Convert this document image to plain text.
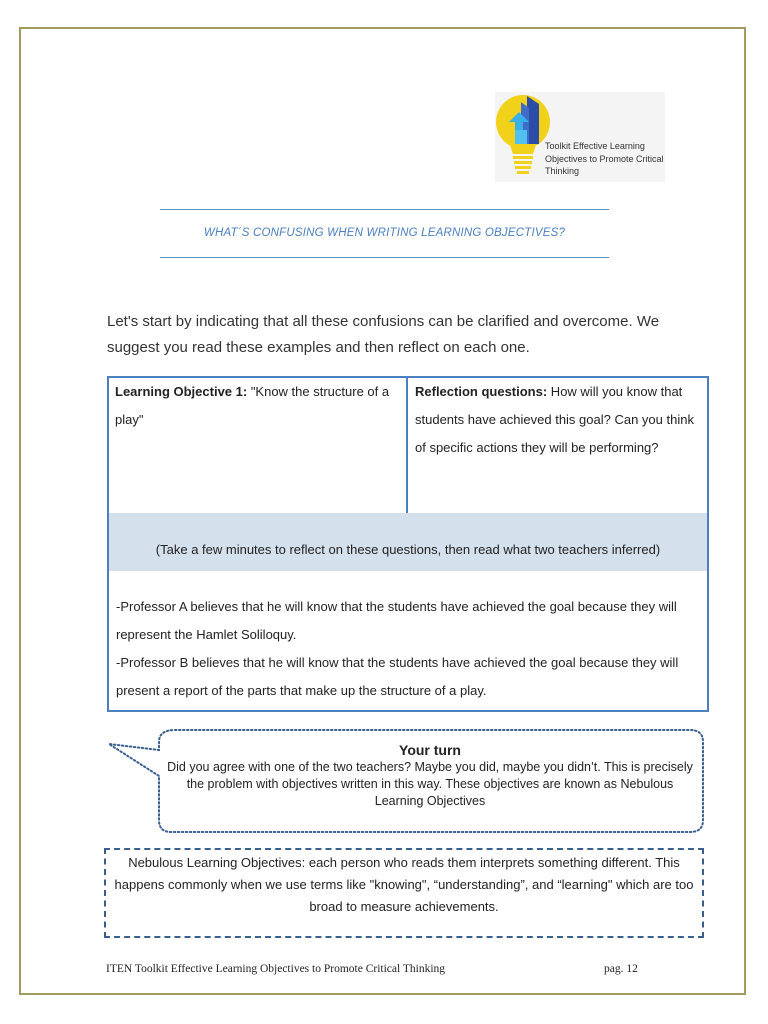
Toolkit Effective Learning Objectives to Promote Critical Thinking
WHAT´S CONFUSING WHEN WRITING LEARNING OBJECTIVES?
Let's start by indicating that all these confusions can be clarified and overcome. We suggest you read these examples and then reflect on each one.
Learning Objective 1: "Know the structure of a play"
Reflection questions: How will you know that students have achieved this goal? Can you think of specific actions they will be performing?
(Take a few minutes to reflect on these questions, then read what two teachers inferred)
-Professor A believes that he will know that the students have achieved the goal because they will represent the Hamlet Soliloquy.
-Professor B believes that he will know that the students have achieved the goal because they will present a report of the parts that make up the structure of a play.
Your turn
Did you agree with one of the two teachers? Maybe you did, maybe you didn’t. This is precisely the problem with objectives written in this way. These objectives are known as Nebulous Learning Objectives
Nebulous Learning Objectives: each person who reads them interprets something different. This happens commonly when we use terms like "knowing", “understanding”, and “learning" which are too broad to measure achievements.
ITEN Toolkit Effective Learning Objectives to Promote Critical Thinking	pag. 12
